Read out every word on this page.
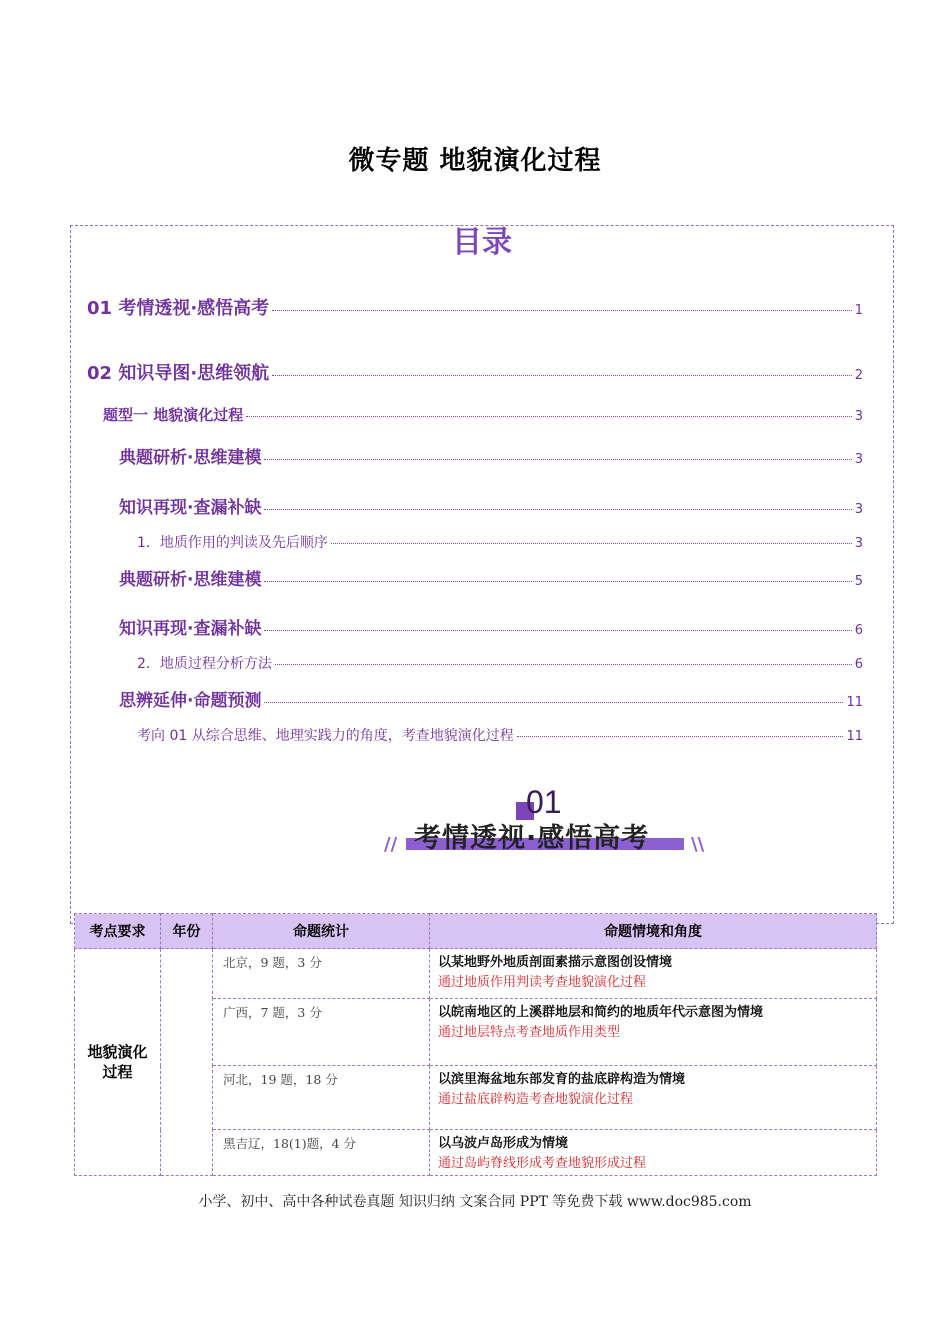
微专题 地貌演化过程
目录
01 考情透视·感悟高考	1
02 知识导图·思维领航	2
题型一 地貌演化过程	3
典题研析·思维建模	3
知识再现·查漏补缺	3
1．地质作用的判读及先后顺序	3
典题研析·思维建模	5
知识再现·查漏补缺	6
2．地质过程分析方法	6
思辨延伸·命题预测	11
考向 01 从综合思维、地理实践力的角度，考查地貌演化过程	11
01
// 考情透视·感悟高考 \\
考点要求	年份	命题统计	命题情境和角度

地貌演化过程		北京，9 题，3 分	以某地野外地质剖面素描示意图创设情境
通过地质作用判读考查地貌演化过程

		广西，7 题，3 分	以皖南地区的上溪群地层和简约的地质年代示意图为情境
通过地层特点考查地质作用类型

		河北，19 题，18 分	以滨里海盆地东部发育的盐底辟构造为情境
通过盐底辟构造考查地貌演化过程

		黑吉辽，18(1)题，4 分	以乌波卢岛形成为情境
通过岛屿脊线形成考查地貌形成过程
小学、初中、高中各种试卷真题 知识归纳 文案合同 PPT 等免费下载 www.doc985.com
